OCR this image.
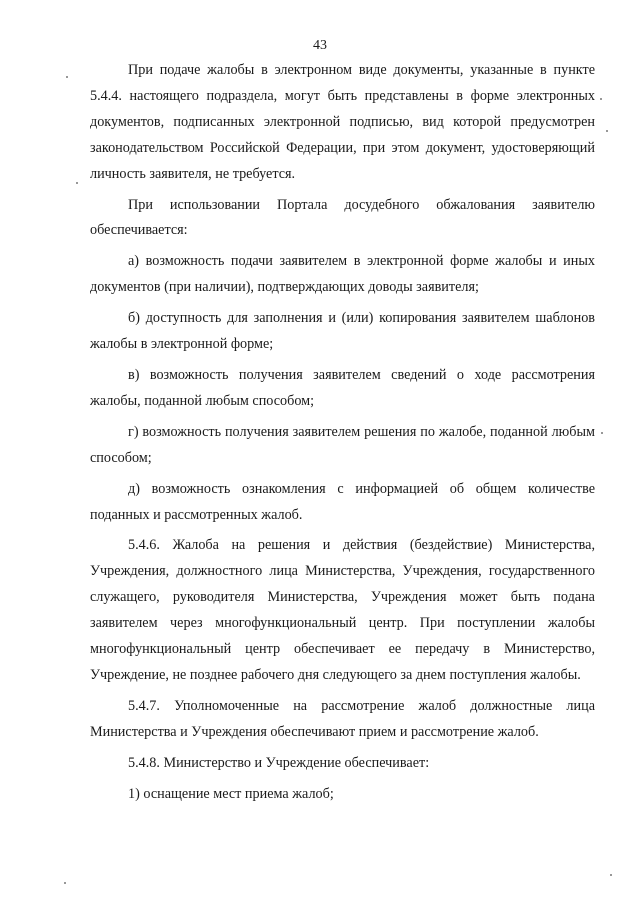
43

При подаче жалобы в электронном виде документы, указанные в пункте 5.4.4. настоящего подраздела, могут быть представлены в форме электронных документов, подписанных электронной подписью, вид которой предусмотрен законодательством Российской Федерации, при этом документ, удостоверяющий личность заявителя, не требуется.

При использовании Портала досудебного обжалования заявителю обеспечивается:

а) возможность подачи заявителем в электронной форме жалобы и иных документов (при наличии), подтверждающих доводы заявителя;

б) доступность для заполнения и (или) копирования заявителем шаблонов жалобы в электронной форме;

в) возможность получения заявителем сведений о ходе рассмотрения жалобы, поданной любым способом;

г) возможность получения заявителем решения по жалобе, поданной любым способом;

д) возможность ознакомления с информацией об общем количестве поданных и рассмотренных жалоб.

5.4.6. Жалоба на решения и действия (бездействие) Министерства, Учреждения, должностного лица Министерства, Учреждения, государственного служащего, руководителя Министерства, Учреждения может быть подана заявителем через многофункциональный центр. При поступлении жалобы многофункциональный центр обеспечивает ее передачу в Министерство, Учреждение, не позднее рабочего дня следующего за днем поступления жалобы.

5.4.7. Уполномоченные на рассмотрение жалоб должностные лица Министерства и Учреждения обеспечивают прием и рассмотрение жалоб.

5.4.8. Министерство и Учреждение обеспечивает:

1) оснащение мест приема жалоб;
